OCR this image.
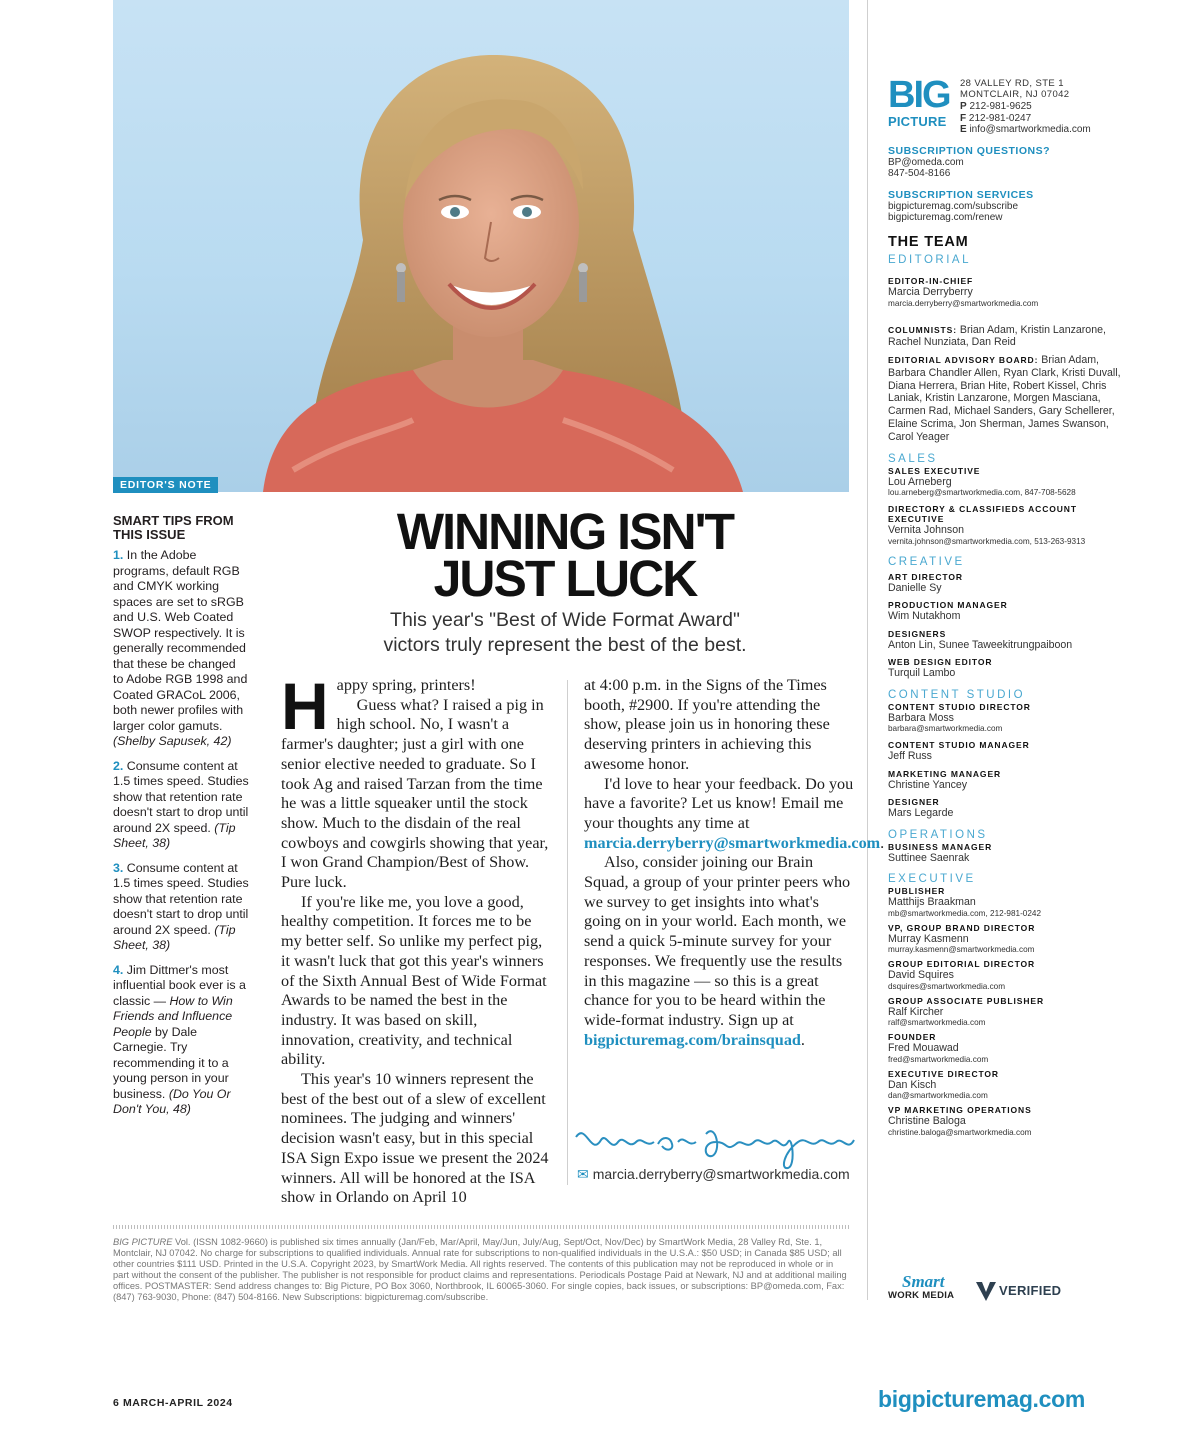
EDITOR'S NOTE
SMART TIPS FROM THIS ISSUE
1. In the Adobe programs, default RGB and CMYK working spaces are set to sRGB and U.S. Web Coated SWOP respectively. It is generally recommended that these be changed to Adobe RGB 1998 and Coated GRACoL 2006, both newer profiles with larger color gamuts. (Shelby Sapusek, 42)
2. Consume content at 1.5 times speed. Studies show that retention rate doesn't start to drop until around 2X speed. (Tip Sheet, 38)
3. Consume content at 1.5 times speed. Studies show that retention rate doesn't start to drop until around 2X speed. (Tip Sheet, 38)
4. Jim Dittmer's most influential book ever is a classic — How to Win Friends and Influence People by Dale Carnegie. Try recommending it to a young person in your business. (Do You Or Don't You, 48)
WINNING ISN'T
JUST LUCK
This year's "Best of Wide Format Award"
victors truly represent the best of the best.
H appy spring, printers!

Guess what? I raised a pig in high school. No, I wasn't a farmer's daughter; just a girl with one senior elective needed to graduate. So I took Ag and raised Tarzan from the time he was a little squeaker until the stock show. Much to the disdain of the real cowboys and cowgirls showing that year, I won Grand Champion/Best of Show. Pure luck.

If you're like me, you love a good, healthy competition. It forces me to be my better self. So unlike my perfect pig, it wasn't luck that got this year's winners of the Sixth Annual Best of Wide Format Awards to be named the best in the industry. It was based on skill, innovation, creativity, and technical ability.

This year's 10 winners represent the best of the best out of a slew of excellent nominees. The judging and winners' decision wasn't easy, but in this special ISA Sign Expo issue we present the 2024 winners. All will be honored at the ISA show in Orlando on April 10

at 4:00 p.m. in the Signs of the Times booth, #2900. If you're attending the show, please join us in honoring these deserving printers in achieving this awesome honor.

I'd love to hear your feedback. Do you have a favorite? Let us know! Email me your thoughts any time at marcia.derryberry@smartworkmedia.com.

Also, consider joining our Brain Squad, a group of your printer peers who we survey to get insights into what's going on in your world. Each month, we send a quick 5-minute survey for your responses. We frequently use the results in this magazine — so this is a great chance for you to be heard within the wide-format industry. Sign up at bigpicturemag.com/brainsquad.

✉ marcia.derryberry@smartworkmedia.com
BIG
PICTURE
28 VALLEY RD, STE 1
MONTCLAIR, NJ 07042
P 212-981-9625
F 212-981-0247
E info@smartworkmedia.com
SUBSCRIPTION QUESTIONS?
BP@omeda.com
847-504-8166
SUBSCRIPTION SERVICES
bigpicturemag.com/subscribe
bigpicturemag.com/renew
THE TEAM
EDITORIAL
EDITOR-IN-CHIEF
Marcia Derryberry
marcia.derryberry@smartworkmedia.com
COLUMNISTS: Brian Adam, Kristin Lanzarone, Rachel Nunziata, Dan Reid
EDITORIAL ADVISORY BOARD: Brian Adam, Barbara Chandler Allen, Ryan Clark, Kristi Duvall, Diana Herrera, Brian Hite, Robert Kissel, Chris Laniak, Kristin Lanzarone, Morgen Masciana, Carmen Rad, Michael Sanders, Gary Schellerer, Elaine Scrima, Jon Sherman, James Swanson, Carol Yeager
SALES
SALES EXECUTIVE
Lou Arneberg
lou.arneberg@smartworkmedia.com, 847-708-5628
DIRECTORY & CLASSIFIEDS ACCOUNT EXECUTIVE
Vernita Johnson
vernita.johnson@smartworkmedia.com, 513-263-9313
CREATIVE
ART DIRECTOR
Danielle Sy
PRODUCTION MANAGER
Wim Nutakhom
DESIGNERS
Anton Lin, Sunee Taweekitrungpaiboon
WEB DESIGN EDITOR
Turquil Lambo
CONTENT STUDIO
CONTENT STUDIO DIRECTOR
Barbara Moss
barbara@smartworkmedia.com
CONTENT STUDIO MANAGER
Jeff Russ
MARKETING MANAGER
Christine Yancey
DESIGNER
Mars Legarde
OPERATIONS
BUSINESS MANAGER
Suttinee Saenrak
EXECUTIVE
PUBLISHER
Matthijs Braakman
mb@smartworkmedia.com, 212-981-0242
VP, GROUP BRAND DIRECTOR
Murray Kasmenn
murray.kasmenn@smartworkmedia.com
GROUP EDITORIAL DIRECTOR
David Squires
dsquires@smartworkmedia.com
GROUP ASSOCIATE PUBLISHER
Ralf Kircher
ralf@smartworkmedia.com
FOUNDER
Fred Mouawad
fred@smartworkmedia.com
EXECUTIVE DIRECTOR
Dan Kisch
dan@smartworkmedia.com
VP MARKETING OPERATIONS
Christine Baloga
christine.baloga@smartworkmedia.com
BIG PICTURE Vol. (ISSN 1082-9660) is published six times annually (Jan/Feb, Mar/April, May/Jun, July/Aug, Sept/Oct, Nov/Dec) by SmartWork Media, 28 Valley Rd, Ste. 1, Montclair, NJ 07042. No charge for subscriptions to qualified individuals. Annual rate for subscriptions to non-qualified individuals in the U.S.A.: $50 USD; in Canada $85 USD; all other countries $111 USD. Printed in the U.S.A. Copyright 2023, by SmartWork Media. All rights reserved. The contents of this publication may not be reproduced in whole or in part without the consent of the publisher. The publisher is not responsible for product claims and representations. Periodicals Postage Paid at Newark, NJ and at additional mailing offices. POSTMASTER: Send address changes to: Big Picture, PO Box 3060, Northbrook, IL 60065-3060. For single copies, back issues, or subscriptions: BP@omeda.com, Fax: (847) 763-9030, Phone: (847) 504-8166. New Subscriptions: bigpicturemag.com/subscribe.
Smart
WORK MEDIA	VERIFIED
6 MARCH-APRIL 2024	bigpicturemag.com
